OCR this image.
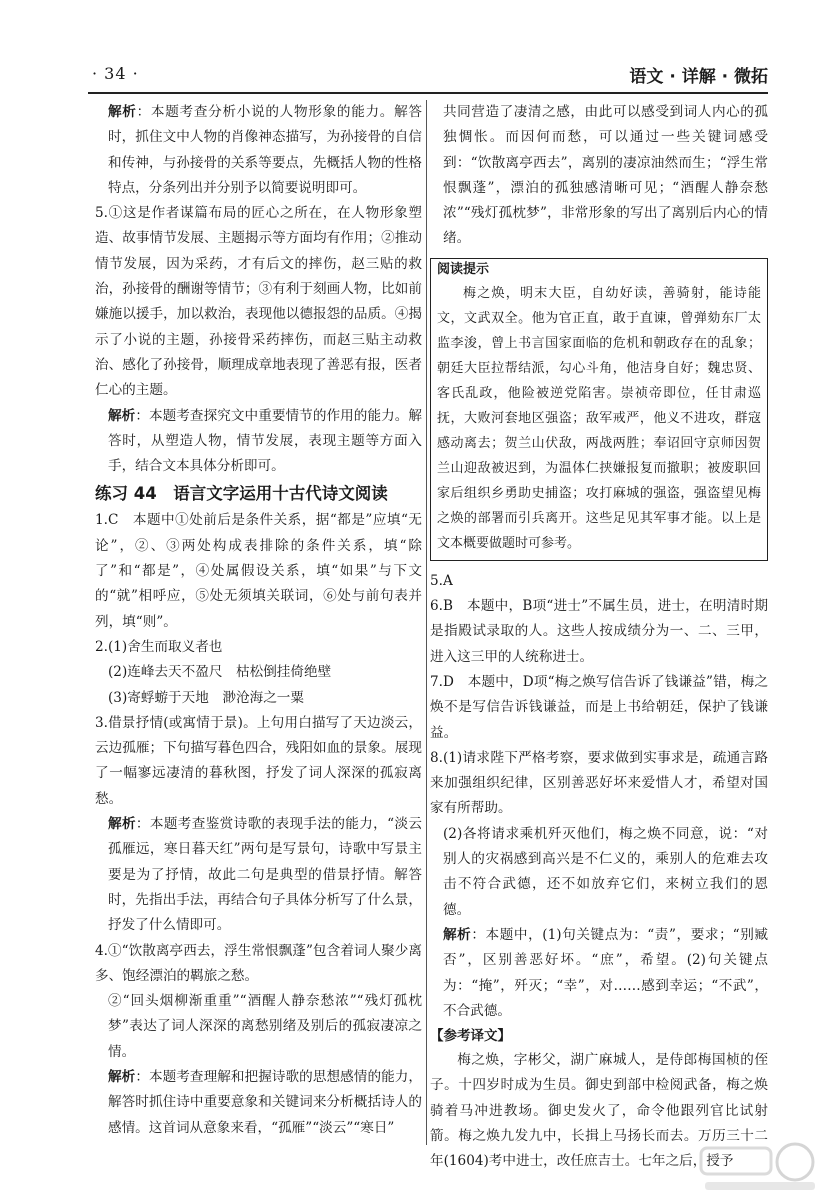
· 34 ·	语文 · 详解 · 微拓

解析：本题考查分析小说的人物形象的能力。解答时，抓住文中人物的肖像神态描写，为孙接骨的自信和传神，与孙接骨的关系等要点，先概括人物的性格特点，分条列出并分别予以简要说明即可。

5.①这是作者谋篇布局的匠心之所在，在人物形象塑造、故事情节发展、主题揭示等方面均有作用；②推动情节发展，因为采药，才有后文的摔伤，赵三贴的救治，孙接骨的酬谢等情节；③有利于刻画人物，比如前嫌施以援手，加以救治，表现他以德报怨的品质。④揭示了小说的主题，孙接骨采药摔伤，而赵三贴主动救治、感化了孙接骨，顺理成章地表现了善恶有报，医者仁心的主题。

解析：本题考查探究文中重要情节的作用的能力。解答时，从塑造人物，情节发展，表现主题等方面入手，结合文本具体分析即可。

练习 44　语言文字运用十古代诗文阅读

1.C　本题中①处前后是条件关系，据“都是”应填“无论”，②、③两处构成表排除的条件关系，填“除了”和“都是”，④处属假设关系，填“如果”与下文的“就”相呼应，⑤处无须填关联词，⑥处与前句表并列，填“则”。

2.(1)舍生而取义者也

(2)连峰去天不盈尺　枯松倒挂倚绝壁

(3)寄蜉蝣于天地　渺沧海之一粟

3.借景抒情(或寓情于景)。上句用白描写了天边淡云，云边孤雁；下句描写暮色四合，残阳如血的景象。展现了一幅寥远凄清的暮秋图，抒发了词人深深的孤寂离愁。

解析：本题考查鉴赏诗歌的表现手法的能力，“淡云孤雁远，寒日暮天红”两句是写景句，诗歌中写景主要是为了抒情，故此二句是典型的借景抒情。解答时，先指出手法，再结合句子具体分析写了什么景，抒发了什么情即可。

4.①“饮散离亭西去，浮生常恨飘蓬”包含着词人聚少离多、饱经漂泊的羁旅之愁。

②“回头烟柳渐重重”“酒醒人静奈愁浓”“残灯孤枕梦”表达了词人深深的离愁别绪及别后的孤寂凄凉之情。

解析：本题考查理解和把握诗歌的思想感情的能力，解答时抓住诗中重要意象和关键词来分析概括诗人的感情。这首词从意象来看，“孤雁”“淡云”“寒日”

共同营造了凄清之感，由此可以感受到词人内心的孤独惆怅。而因何而愁，可以通过一些关键词感受到：“饮散离亭西去”，离别的凄凉油然而生；“浮生常恨飘蓬”，漂泊的孤独感清晰可见；“酒醒人静奈愁浓”“残灯孤枕梦”，非常形象的写出了离别后内心的情绪。

阅读提示

梅之焕，明末大臣，自幼好读，善骑射，能诗能文，文武双全。他为官正直，敢于直谏，曾弹劾东厂太监李浚，曾上书言国家面临的危机和朝政存在的乱象；朝廷大臣拉帮结派，勾心斗角，他洁身自好；魏忠贤、客氏乱政，他险被逆党陷害。崇祯帝即位，任甘肃巡抚，大败河套地区强盗；敌军戒严，他义不进攻，群寇感动离去；贺兰山伏敌，两战两胜；奉诏回守京师因贺兰山迎敌被迟到，为温体仁挟嫌报复而撤职；被废职回家后组织乡勇助史捕盗；攻打麻城的强盗，强盗望见梅之焕的部署而引兵离开。这些足见其军事才能。以上是文本概要做题时可参考。

5.A

6.B　本题中，B项“进士”不属生员，进士，在明清时期是指殿试录取的人。这些人按成绩分为一、二、三甲，进入这三甲的人统称进士。

7.D　本题中，D项“梅之焕写信告诉了钱谦益”错，梅之焕不是写信告诉钱谦益，而是上书给朝廷，保护了钱谦益。

8.(1)请求陛下严格考察，要求做到实事求是，疏通言路来加强组织纪律，区别善恶好坏来爱惜人才，希望对国家有所帮助。

(2)各将请求乘机歼灭他们，梅之焕不同意，说：“对别人的灾祸感到高兴是不仁义的，乘别人的危难去攻击不符合武德，还不如放弃它们，来树立我们的恩德。

解析：本题中，(1)句关键点为：“责”，要求；“别臧否”，区别善恶好坏。“庶”，希望。(2)句关键点为：“掩”，歼灭；“幸”，对……感到幸运；“不武”，不合武德。

【参考译文】

梅之焕，字彬父，湖广麻城人，是侍郎梅国桢的侄子。十四岁时成为生员。御史到部中检阅武备，梅之焕骑着马冲进教场。御史发火了，命令他跟列官比试射箭。梅之焕九发九中，长揖上马扬长而去。万历三十二年(1604)考中进士，改任庶吉士。七年之后，授予
